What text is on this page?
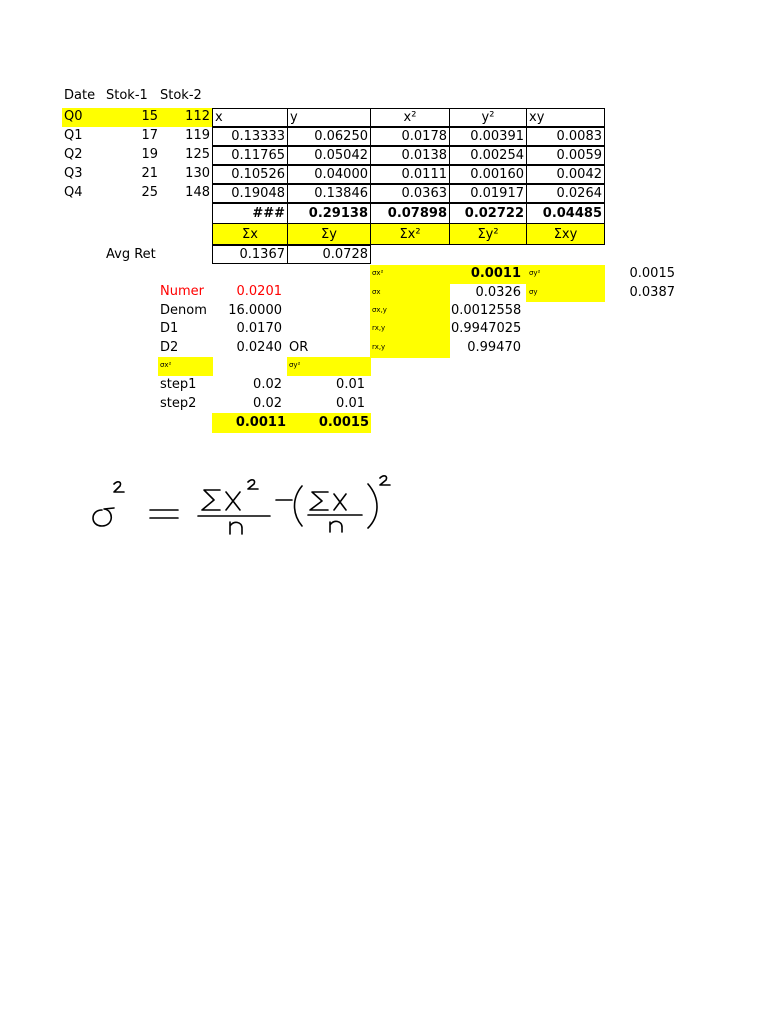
Date Stok-1 Stok-2
Q0	15	112
Q1	17	119
Q2	19	125
Q3	21	130
Q4	25	148
x	y	x²	y²	xy
0.13333	0.06250	0.0178	0.00391	0.0083
0.11765	0.05042	0.0138	0.00254	0.0059
0.10526	0.04000	0.0111	0.00160	0.0042
0.19048	0.13846	0.0363	0.01917	0.0264
###	0.29138	0.07898	0.02722	0.04485
Σx	Σy	Σx²	Σy²	Σxy
Avg Ret	0.1367	0.0728
σx²	0.0011 σy²	0.0015
σx	0.0326 σy	0.0387
σx,y	0.0012558
rx,y	0.9947025
rx,y	0.99470
Numer	0.0201
Denom	16.0000
D1	0.0170
D2	0.0240 OR
σx²	σy²
step1	0.02	0.01
step2	0.02	0.01
0.0011	0.0015
